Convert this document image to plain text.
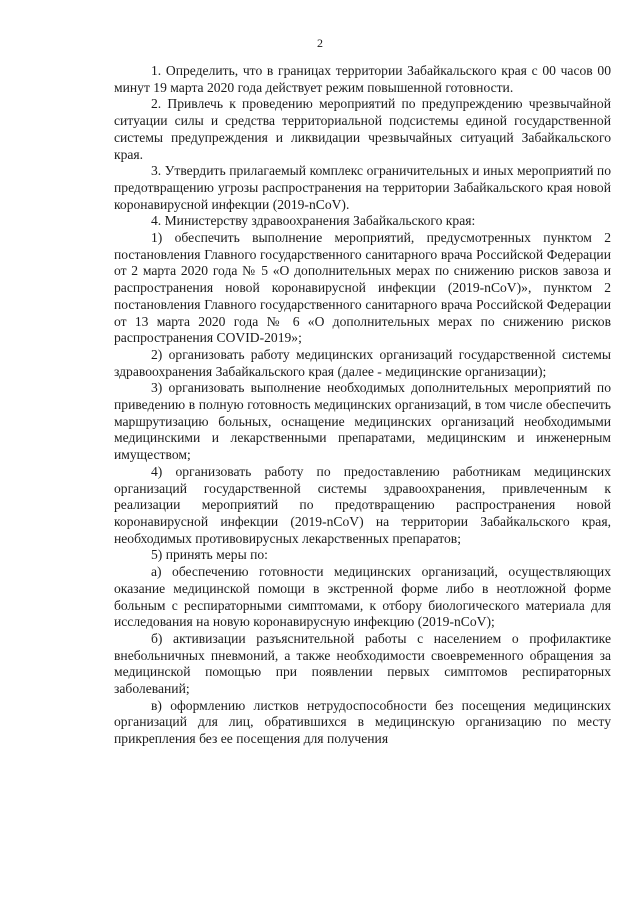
2

1. Определить, что в границах территории Забайкальского края с 00 часов 00 минут 19 марта 2020 года действует режим повышенной готовности.

2. Привлечь к проведению мероприятий по предупреждению чрезвычайной ситуации силы и средства территориальной подсистемы единой государственной системы предупреждения и ликвидации чрезвычайных ситуаций Забайкальского края.

3. Утвердить прилагаемый комплекс ограничительных и иных мероприятий по предотвращению угрозы распространения на территории Забайкальского края новой коронавирусной инфекции (2019-nCoV).

4. Министерству здравоохранения Забайкальского края:

1) обеспечить выполнение мероприятий, предусмотренных пунктом 2 постановления Главного государственного санитарного врача Российской Федерации от 2 марта 2020 года № 5 «О дополнительных мерах по снижению рисков завоза и распространения новой коронавирусной инфекции (2019-nCoV)», пунктом 2 постановления Главного государственного санитарного врача Российской Федерации от 13 марта 2020 года № 6 «О дополнительных мерах по снижению рисков распространения COVID-2019»;

2) организовать работу медицинских организаций государственной системы здравоохранения Забайкальского края (далее - медицинские организации);

3) организовать выполнение необходимых дополнительных мероприятий по приведению в полную готовность медицинских организаций, в том числе обеспечить маршрутизацию больных, оснащение медицинских организаций необходимыми медицинскими и лекарственными препаратами, медицинским и инженерным имуществом;

4) организовать работу по предоставлению работникам медицинских организаций государственной системы здравоохранения, привлеченным к реализации мероприятий по предотвращению распространения новой коронавирусной инфекции (2019-nCoV) на территории Забайкальского края, необходимых противовирусных лекарственных препаратов;

5) принять меры по:

а) обеспечению готовности медицинских организаций, осуществляющих оказание медицинской помощи в экстренной форме либо в неотложной форме больным с респираторными симптомами, к отбору биологического материала для исследования на новую коронавирусную инфекцию (2019-nCoV);

б) активизации разъяснительной работы с населением о профилактике внебольничных пневмоний, а также необходимости своевременного обращения за медицинской помощью при появлении первых симптомов респираторных заболеваний;

в) оформлению листков нетрудоспособности без посещения медицинских организаций для лиц, обратившихся в медицинскую организацию по месту прикрепления без ее посещения для получения
